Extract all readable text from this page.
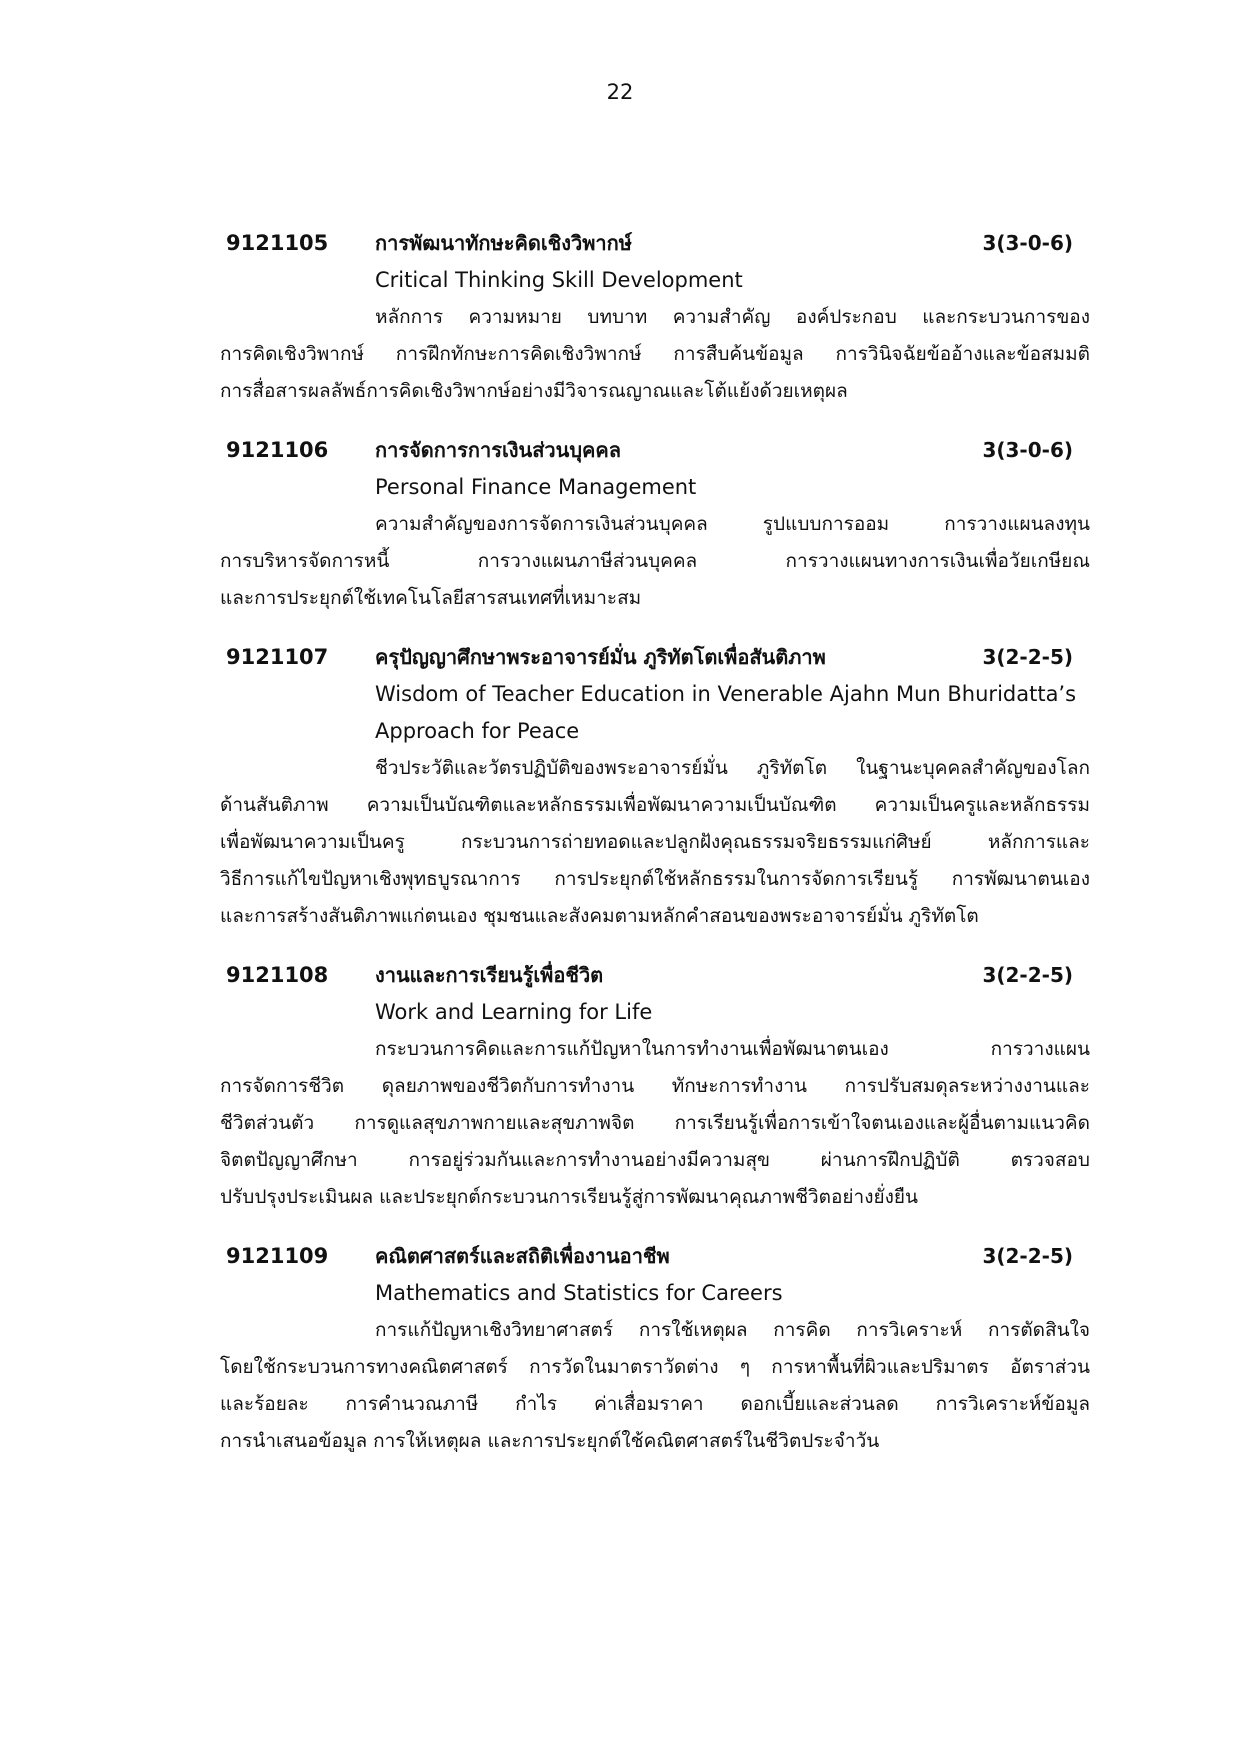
22
9121105 การพัฒนาทักษะคิดเชิงวิพากษ์	3(3-0-6)
Critical Thinking Skill Development
หลักการ ความหมาย บทบาท ความสำคัญ องค์ประกอบ และกระบวนการของ
การคิดเชิงวิพากษ์ การฝึกทักษะการคิดเชิงวิพากษ์ การสืบค้นข้อมูล การวินิจฉัยข้ออ้างและข้อสมมติ
การสื่อสารผลลัพธ์การคิดเชิงวิพากษ์อย่างมีวิจารณญาณและโต้แย้งด้วยเหตุผล
9121106 การจัดการการเงินส่วนบุคคล	3(3-0-6)
Personal Finance Management
ความสำคัญของการจัดการเงินส่วนบุคคล รูปแบบการออม การวางแผนลงทุน
การบริหารจัดการหนี้ การวางแผนภาษีส่วนบุคคล การวางแผนทางการเงินเพื่อวัยเกษียณ
และการประยุกต์ใช้เทคโนโลยีสารสนเทศที่เหมาะสม
9121107 ครุปัญญาศึกษาพระอาจารย์มั่น ภูริทัตโตเพื่อสันติภาพ	3(2-2-5)
Wisdom of Teacher Education in Venerable Ajahn Mun Bhuridatta’s
Approach for Peace
ชีวประวัติและวัตรปฏิบัติของพระอาจารย์มั่น ภูริทัตโต ในฐานะบุคคลสำคัญของโลก
ด้านสันติภาพ ความเป็นบัณฑิตและหลักธรรมเพื่อพัฒนาความเป็นบัณฑิต ความเป็นครูและหลักธรรม
เพื่อพัฒนาความเป็นครู กระบวนการถ่ายทอดและปลูกฝังคุณธรรมจริยธรรมแก่ศิษย์ หลักการและ
วิธีการแก้ไขปัญหาเชิงพุทธบูรณาการ การประยุกต์ใช้หลักธรรมในการจัดการเรียนรู้ การพัฒนาตนเอง
และการสร้างสันติภาพแก่ตนเอง ชุมชนและสังคมตามหลักคำสอนของพระอาจารย์มั่น ภูริทัตโต
9121108 งานและการเรียนรู้เพื่อชีวิต	3(2-2-5)
Work and Learning for Life
กระบวนการคิดและการแก้ปัญหาในการทำงานเพื่อพัฒนาตนเอง การวางแผน
การจัดการชีวิต ดุลยภาพของชีวิตกับการทำงาน ทักษะการทำงาน การปรับสมดุลระหว่างงานและ
ชีวิตส่วนตัว การดูแลสุขภาพกายและสุขภาพจิต การเรียนรู้เพื่อการเข้าใจตนเองและผู้อื่นตามแนวคิด
จิตตปัญญาศึกษา การอยู่ร่วมกันและการทำงานอย่างมีความสุข ผ่านการฝึกปฏิบัติ ตรวจสอบ
ปรับปรุงประเมินผล และประยุกต์กระบวนการเรียนรู้สู่การพัฒนาคุณภาพชีวิตอย่างยั่งยืน
9121109 คณิตศาสตร์และสถิติเพื่องานอาชีพ	3(2-2-5)
Mathematics and Statistics for Careers
การแก้ปัญหาเชิงวิทยาศาสตร์ การใช้เหตุผล การคิด การวิเคราะห์ การตัดสินใจ
โดยใช้กระบวนการทางคณิตศาสตร์ การวัดในมาตราวัดต่าง ๆ การหาพื้นที่ผิวและปริมาตร อัตราส่วน
และร้อยละ การคำนวณภาษี กำไร ค่าเสื่อมราคา ดอกเบี้ยและส่วนลด การวิเคราะห์ข้อมูล
การนำเสนอข้อมูล การให้เหตุผล และการประยุกต์ใช้คณิตศาสตร์ในชีวิตประจำวัน
